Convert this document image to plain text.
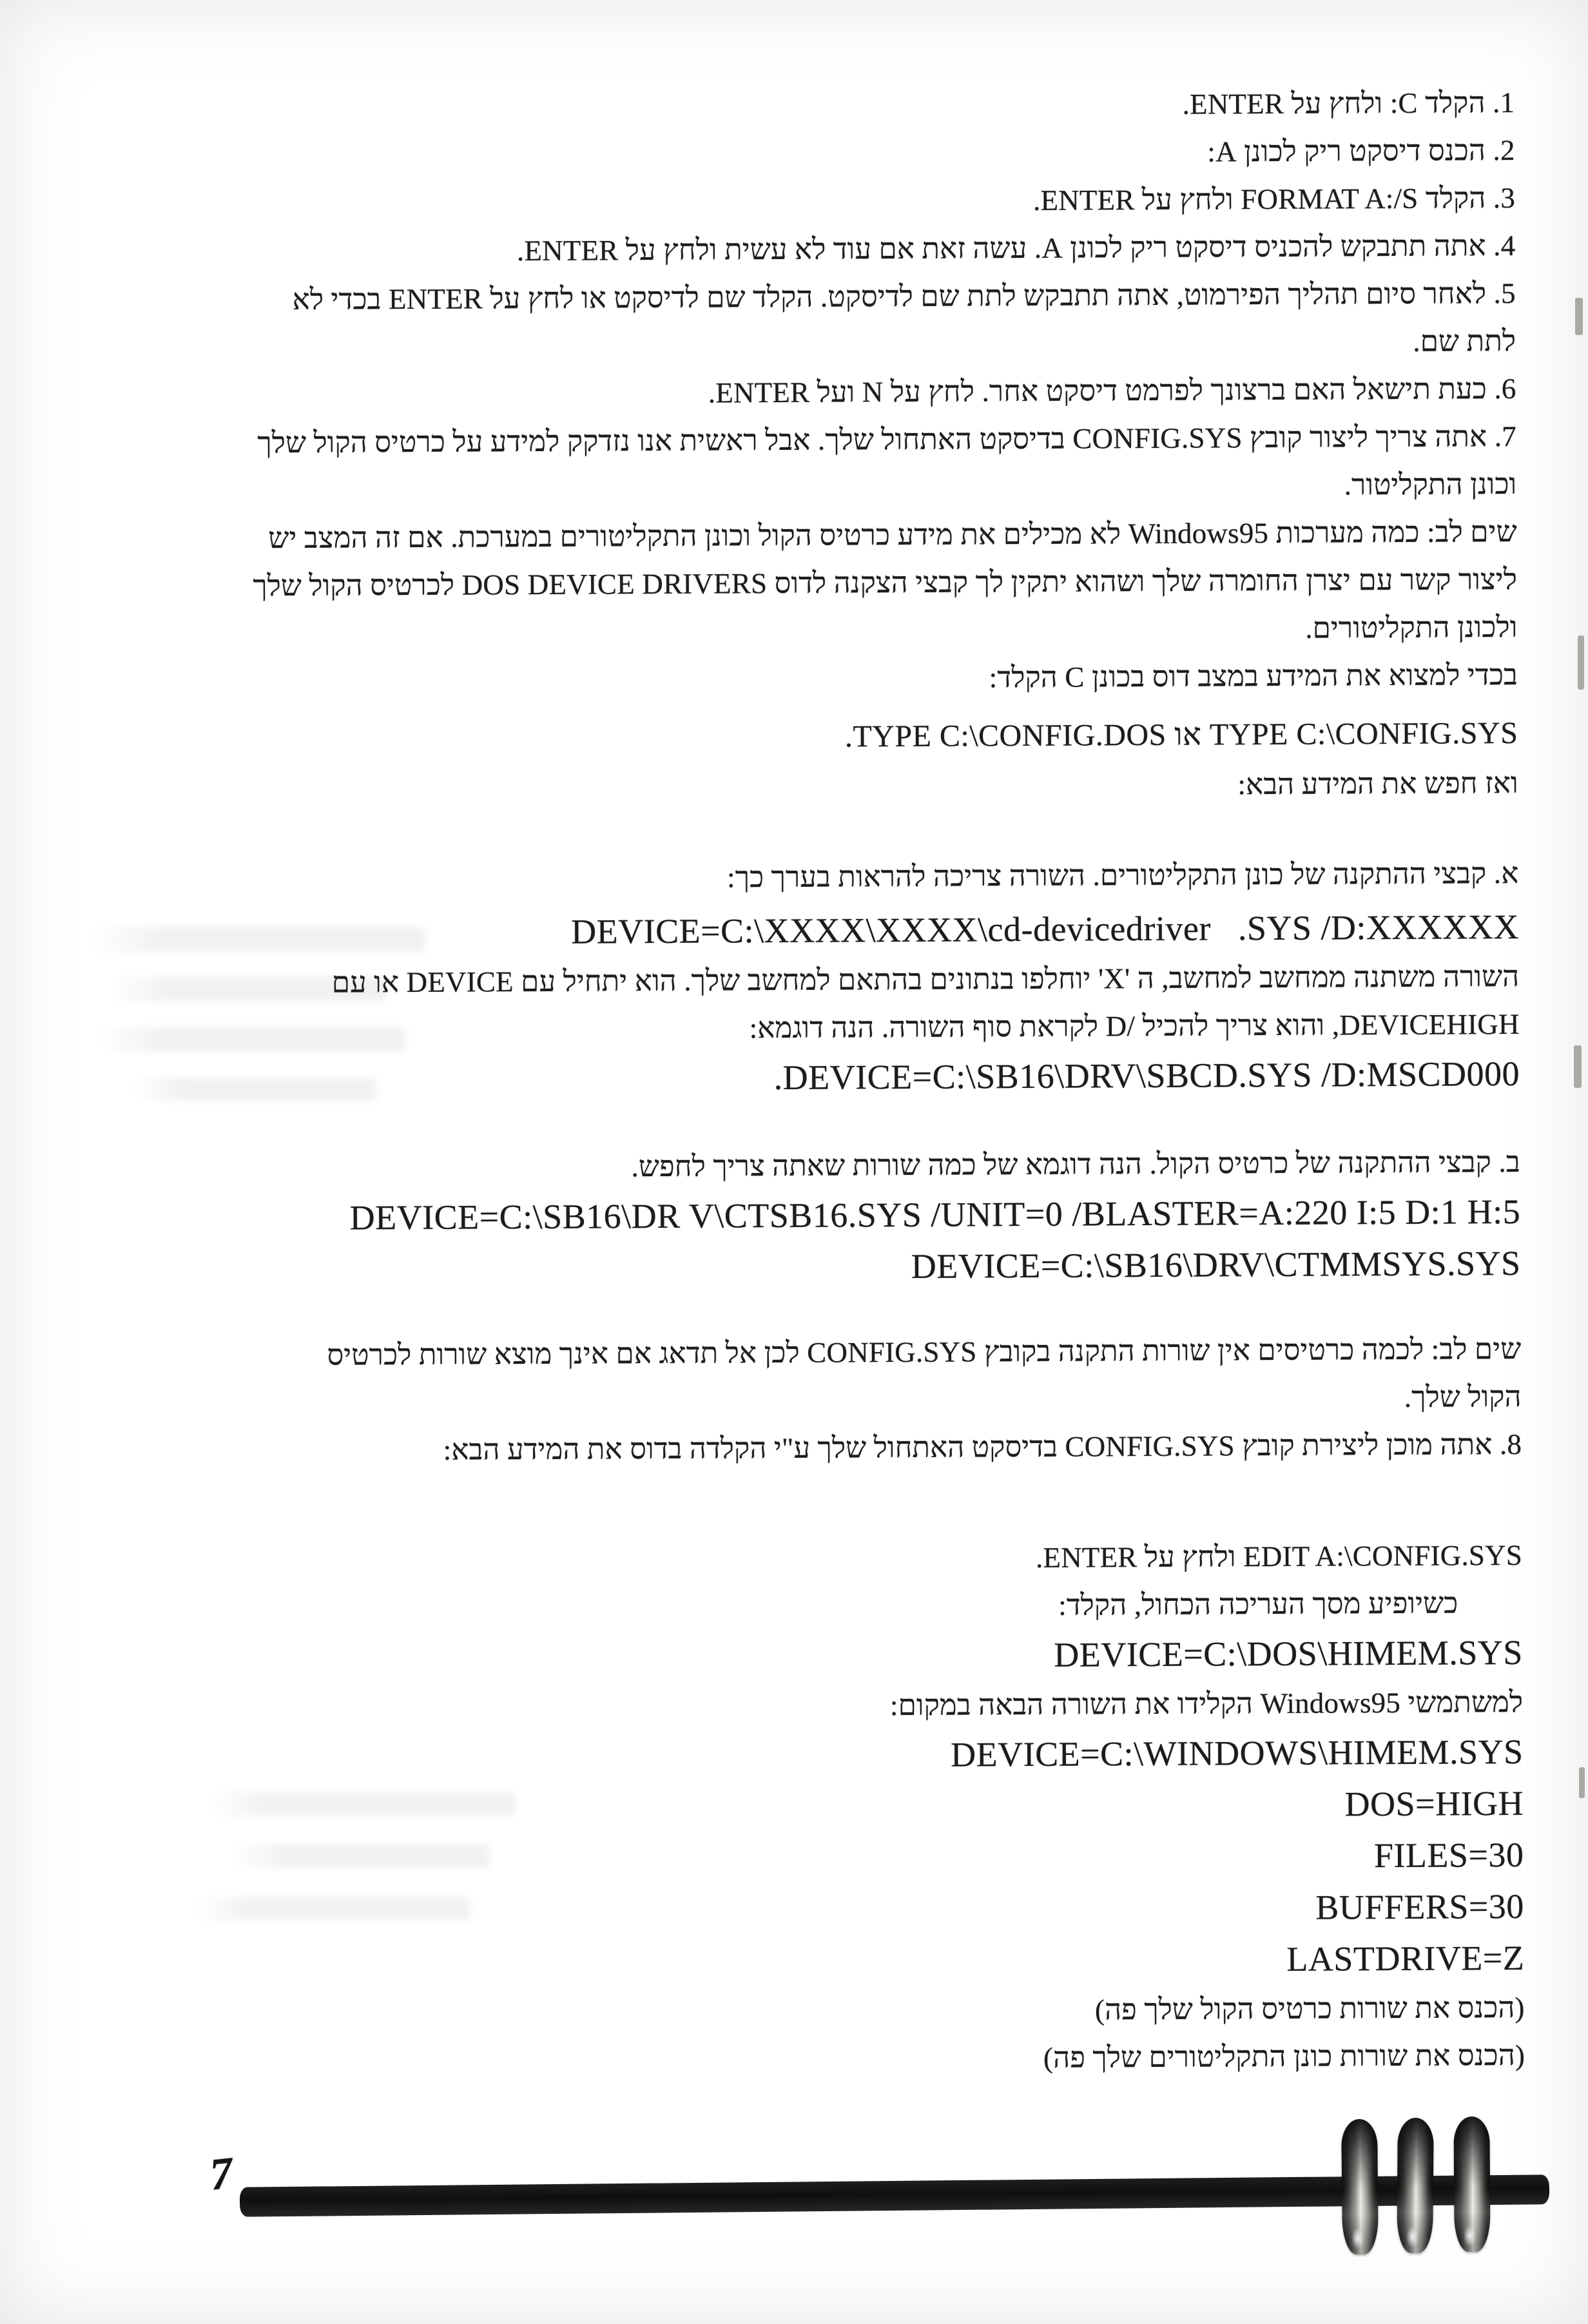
1. הקלד C: ולחץ על ENTER.
2. הכנס דיסקט ריק לכונן A:
3. הקלד FORMAT A:/S ולחץ על ENTER.
4. אתה תתבקש להכניס דיסקט ריק לכונן A. עשה זאת אם עוד לא עשית ולחץ על ENTER.
5. לאחר סיום תהליך הפירמוט, אתה תתבקש לתת שם לדיסקט. הקלד שם לדיסקט או לחץ על ENTER בכדי לא
לתת שם.
6. כעת תישאל האם ברצונך לפרמט דיסקט אחר. לחץ על N ועל ENTER.
7. אתה צריך ליצור קובץ CONFIG.SYS בדיסקט האתחול שלך. אבל ראשית אנו נזדקק למידע על כרטיס הקול שלך
וכונן התקליטור.
שים לב: כמה מערכות Windows95 לא מכילים את מידע כרטיס הקול וכונן התקליטורים במערכת. אם זה המצב יש
ליצור קשר עם יצרן החומרה שלך ושהוא יתקין לך קבצי הצקנה לדוס DOS DEVICE DRIVERS לכרטיס הקול שלך
ולכונן התקליטורים.
בכדי למצוא את המידע במצב דוס בכונן C הקלד:
TYPE C:\CONFIG.SYS או TYPE C:\CONFIG.DOS.
ואז חפש את המידע הבא:
א. קבצי ההתקנה של כונן התקליטורים. השורה צריכה להראות בערך כך:
DEVICE=C:\XXXX\XXXX\cd-devicedriver   .SYS /D:XXXXXX
השורה משתנה ממחשב למחשב, ה 'X' יוחלפו בנתונים בהתאם למחשב שלך. הוא יתחיל עם DEVICE או עם
DEVICEHIGH, והוא צריך להכיל /D לקראת סוף השורה. הנה דוגמא:
DEVICE=C:\SB16\DRV\SBCD.SYS /D:MSCD000.
ב. קבצי ההתקנה של כרטיס הקול. הנה דוגמא של כמה שורות שאתה צריך לחפש.
DEVICE=C:\SB16\DR V\CTSB16.SYS /UNIT=0 /BLASTER=A:220 I:5 D:1 H:5
DEVICE=C:\SB16\DRV\CTMMSYS.SYS
שים לב: לכמה כרטיסים אין שורות התקנה בקובץ CONFIG.SYS לכן אל תדאג אם אינך מוצא שורות לכרטיס
הקול שלך.
8. אתה מוכן ליצירת קובץ CONFIG.SYS בדיסקט האתחול שלך ע"י הקלדה בדוס את המידע הבא:
EDIT A:\CONFIG.SYS ולחץ על ENTER.
כשיופיע מסך העריכה הכחול, הקלד:
DEVICE=C:\DOS\HIMEM.SYS
למשתמשי Windows95 הקלידו את השורה הבאה במקום:
DEVICE=C:\WINDOWS\HIMEM.SYS
DOS=HIGH
FILES=30
BUFFERS=30
LASTDRIVE=Z
(הכנס את שורות כרטיס הקול שלך פה)
(הכנס את שורות כונן התקליטורים שלך פה)
7
